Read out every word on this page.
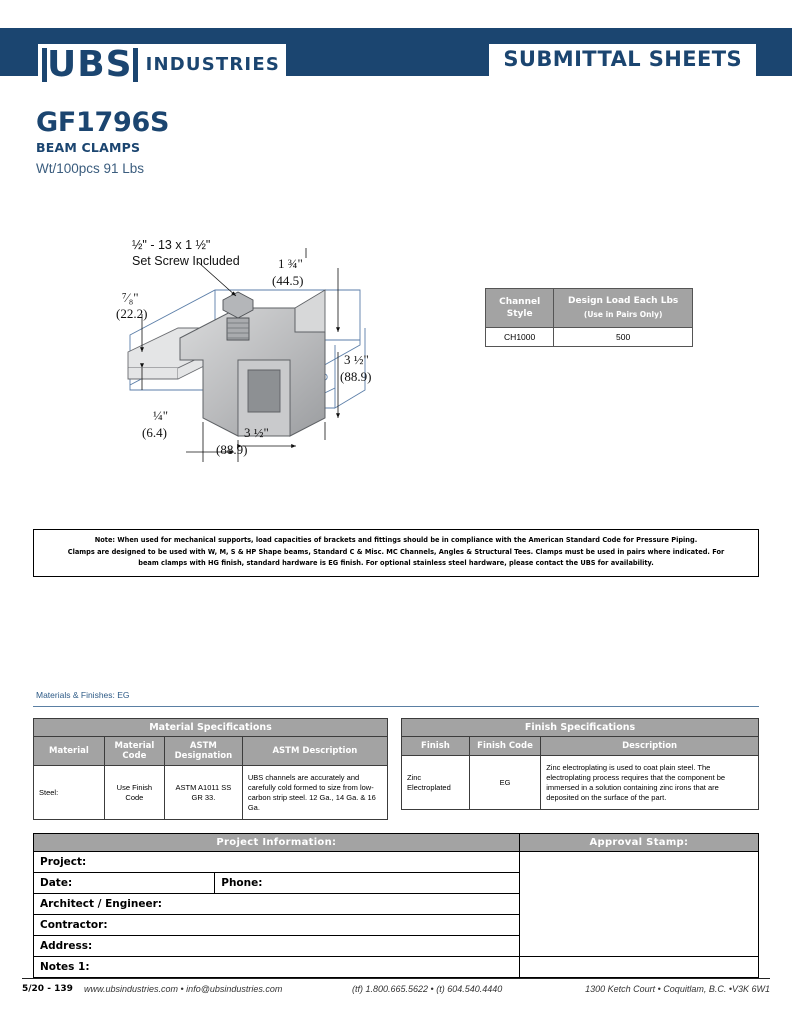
UBS INDUSTRIES	SUBMITTAL SHEETS
GF1796S
BEAM CLAMPS
Wt/100pcs 91 Lbs
½" - 13 x 1 ½"
Set Screw Included
⁷⁄₈"
(22.2)
1 ¾"
(44.5)
3 ½"
(88.9)
¼"
(6.4)	3 ½"
(88.9)
Channel Style	Design Load Each Lbs
(Use in Pairs Only)

CH1000	500

Note: When used for mechanical supports, load capacities of brackets and fittings should be in compliance with the American Standard Code for Pressure Piping.

Clamps are designed to be used with W, M, S & HP Shape beams, Standard C & Misc. MC Channels, Angles & Structural Tees. Clamps must be used in pairs where indicated. For

beam clamps with HG finish, standard hardware is EG finish. For optional stainless steel hardware, please contact the UBS for availability.

Materials & Finishes: EG
Material Specifications			
Material	Material Code	ASTM Designation	ASTM Description
Steel:	Use Finish Code	ASTM A1011 SS GR 33.	UBS channels are accurately and carefully cold formed to size from low-carbon strip steel. 12 Ga., 14 Ga. & 16 Ga.
Finish Specifications		
Finish	Finish Code	Description
Zinc Electroplated	EG	Zinc electroplating is used to coat plain steel. The electroplating process requires that the component be immersed in a solution containing zinc irons that are deposited on the surface of the part.
Project Information:		Approval Stamp:
Project:		
Date:	Phone:	
Architect / Engineer:		
Contractor:		
Address:		
Notes 1:		
5/20 - 139 www.ubsindustries.com • info@ubsindustries.com	(tf) 1.800.665.5622 • (t) 604.540.4440	1300 Ketch Court • Coquitlam, B.C. •V3K 6W1
